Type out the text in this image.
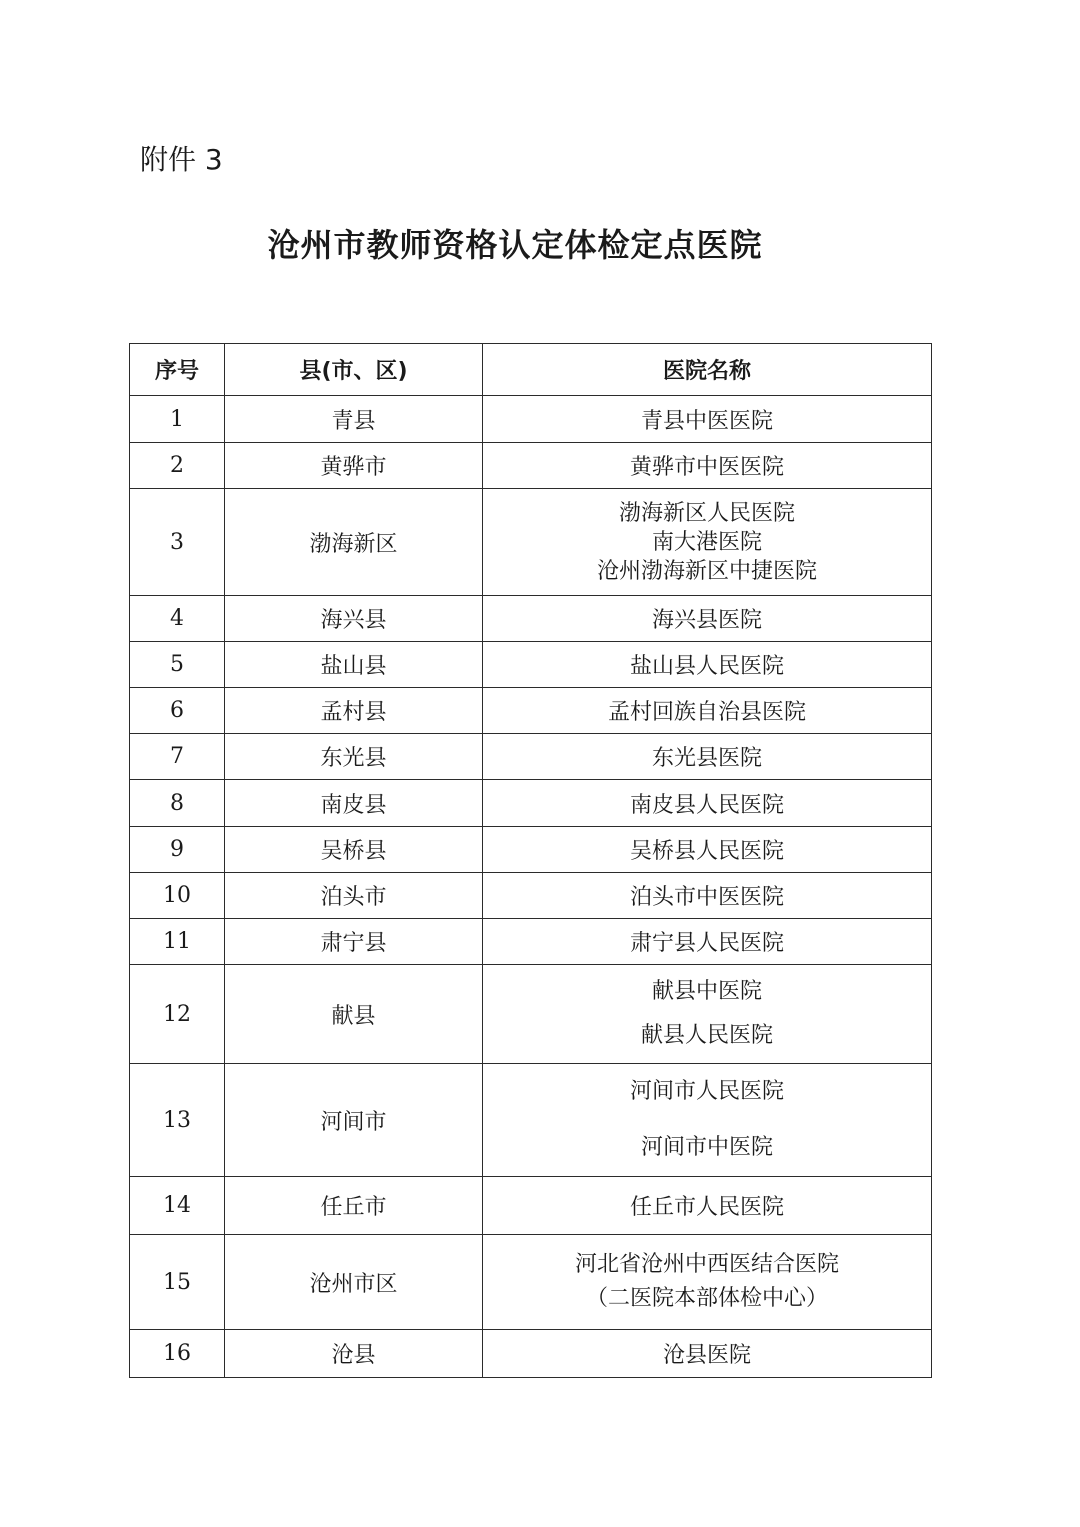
附件 3
沧州市教师资格认定体检定点医院
序号	县(市、区)	医院名称
1	青县	青县中医医院

2	黄骅市	黄骅市中医医院

3	渤海新区	渤海新区人民医院
南大港医院
沧州渤海新区中捷医院

4	海兴县	海兴县医院

5	盐山县	盐山县人民医院

6	孟村县	孟村回族自治县医院

7	东光县	东光县医院

8	南皮县	南皮县人民医院

9	吴桥县	吴桥县人民医院

10	泊头市	泊头市中医医院

11	肃宁县	肃宁县人民医院

12	献县	献县中医院
献县人民医院

13	河间市	河间市人民医院
河间市中医院

14	任丘市	任丘市人民医院

15	沧州市区	河北省沧州中西医结合医院
（二医院本部体检中心）

16	沧县	沧县医院
